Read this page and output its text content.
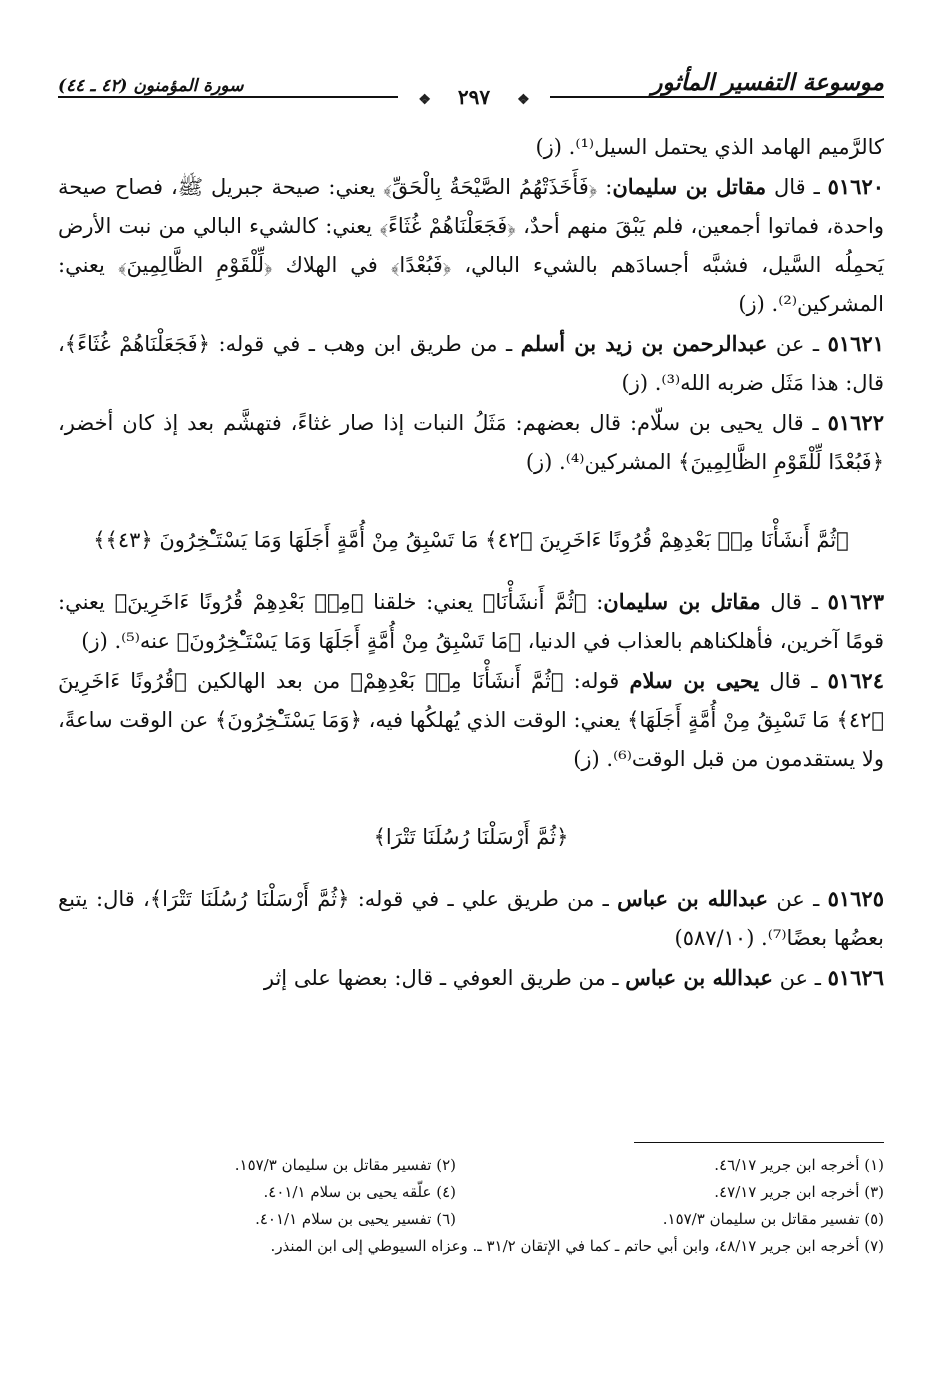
موسوعة التفسير المأثور
سورة المؤمنون (٤٢ ـ ٤٤)
❖ ٢٩٧ ❖

كالرَّميم الهامد الذي يحتمل السيل⁽¹⁾. (ز)

٥١٦٢٠ ـ قال مقاتل بن سليمان: ﴿فَأَخَذَتْهُمُ الصَّيْحَةُ بِالْحَقِّ﴾ يعني: صيحة جبريل ﷺ، فصاح صيحة واحدة، فماتوا أجمعين، فلم يَبْقَ منهم أحدٌ، ﴿فَجَعَلْنَاهُمْ غُثَاءً﴾ يعني: كالشيء البالي من نبت الأرض يَحمِلُه السَّيل، فشبَّه أجسادَهم بالشيء البالي، ﴿فَبُعْدًا﴾ في الهلاك ﴿لِّلْقَوْمِ الظَّالِمِينَ﴾ يعني: المشركين⁽²⁾. (ز)

٥١٦٢١ ـ عن عبدالرحمن بن زيد بن أسلم ـ من طريق ابن وهب ـ في قوله: ﴿فَجَعَلْنَاهُمْ غُثَاءً﴾، قال: هذا مَثَل ضربه الله⁽³⁾. (ز)

٥١٦٢٢ ـ قال يحيى بن سلّام: قال بعضهم: مَثَلُ النبات إذا صار غثاءً، فتهشَّم بعد إذ كان أخضر، ﴿فَبُعْدًا لِّلْقَوْمِ الظَّالِمِينَ﴾ المشركين⁽⁴⁾. (ز)

﴿ثُمَّ أَنشَأْنَا مِنۢ بَعْدِهِمْ قُرُونًا ءَاخَرِينَ ﴿٤٢﴾ مَا تَسْبِقُ مِنْ أُمَّةٍ أَجَلَهَا وَمَا يَسْتَـْٔخِرُونَ ﴿٤٣﴾﴾

٥١٦٢٣ ـ قال مقاتل بن سليمان: ﴿ثُمَّ أَنشَأْنَا﴾ يعني: خلقنا ﴿مِنۢ بَعْدِهِمْ قُرُونًا ءَاخَرِينَ﴾ يعني: قومًا آخرين، فأهلكناهم بالعذاب في الدنيا، ﴿مَا تَسْبِقُ مِنْ أُمَّةٍ أَجَلَهَا وَمَا يَسْتَـْٔخِرُونَ﴾ عنه⁽⁵⁾. (ز)

٥١٦٢٤ ـ قال يحيى بن سلام قوله: ﴿ثُمَّ أَنشَأْنَا مِنۢ بَعْدِهِمْ﴾ من بعد الهالكين ﴿قُرُونًا ءَاخَرِينَ ﴿٤٢﴾ مَا تَسْبِقُ مِنْ أُمَّةٍ أَجَلَهَا﴾ يعني: الوقت الذي يُهلكُها فيه، ﴿وَمَا يَسْتَـْٔخِرُونَ﴾ عن الوقت ساعةً، ولا يستقدمون من قبل الوقت⁽⁶⁾. (ز)

﴿ثُمَّ أَرْسَلْنَا رُسُلَنَا تَتْرَا﴾

٥١٦٢٥ ـ عن عبدالله بن عباس ـ من طريق علي ـ في قوله: ﴿ثُمَّ أَرْسَلْنَا رُسُلَنَا تَتْرَا﴾، قال: يتبع بعضُها بعضًا⁽⁷⁾. (٥٨٧/١٠)

٥١٦٢٦ ـ عن عبدالله بن عباس ـ من طريق العوفي ـ قال: بعضها على إثر

(١) أخرجه ابن جرير ٤٦/١٧.
(٢) تفسير مقاتل بن سليمان ١٥٧/٣.
(٣) أخرجه ابن جرير ٤٧/١٧.
(٤) علّقه يحيى بن سلام ٤٠١/١.
(٥) تفسير مقاتل بن سليمان ١٥٧/٣.
(٦) تفسير يحيى بن سلام ٤٠١/١.
(٧) أخرجه ابن جرير ٤٨/١٧، وابن أبي حاتم ـ كما في الإتقان ٣١/٢ ـ. وعزاه السيوطي إلى ابن المنذر.
